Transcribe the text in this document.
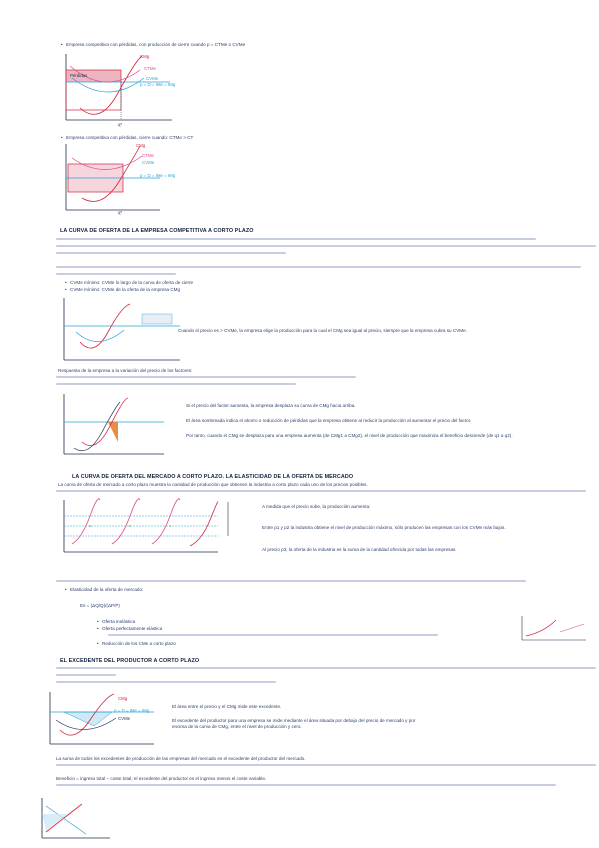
• Empresa competitiva con pérdidas, con producción de cierre cuando p = CTMe o CVMe
CMg
CTMe
CVMe
p = D = IMe = IMg
Pérdidas
q*
• Empresa competitiva con pérdidas, cierre cuando: CTMe > CT
CMg
CTMe
CVMe
p = D = IMe = IMg
q*
LA CURVA DE OFERTA DE LA EMPRESA COMPETITIVA A CORTO PLAZO
• CVMe mínimo: CVMe lo largo de la curva de oferta de cierre
• CVMe mínimo: CVMe de la oferta de la empresa CMg
Cuando el precio es > CVMe, la empresa elige la producción para la cual el CMg sea igual al precio, siempre que la empresa cubra su CVMe.
Respuesta de la empresa a la variación del precio de los factores:
Si el precio del factor aumenta, la empresa desplaza su curva de CMg hacia arriba.
El área sombreada indica el ahorro o reducción de pérdidas que la empresa obtiene al reducir la producción al aumentar el precio del factor.
Por tanto, cuando el CMg se desplaza para una empresa aumenta (de CMg1 a CMg2), el nivel de producción que maximiza el beneficio desciende (de q1 a q2).
LA CURVA DE OFERTA DEL MERCADO A CORTO PLAZO. LA ELASTICIDAD DE LA OFERTA DE MERCADO
La curva de oferta de mercado a corto plazo muestra la cantidad de producción que obtienen la industria a corto plazo cada uno de los precios posibles.
A medida que el precio sube, la producción aumenta:
Entre p1 y p2 la industria obtiene el nivel de producción máximo, sólo producen las empresas con los CVMe más bajos.
Al precio p3, la oferta de la industria es la suma de la cantidad ofrecida por todas las empresas.
• Elasticidad de la oferta de mercado:
Es = (ΔQ/Q)/(ΔP/P)
• Oferta inelástica
• Oferta perfectamente elástica
• Reducción de los CMe a corto plazo
EL EXCEDENTE DEL PRODUCTOR A CORTO PLAZO
CMg
p = D = IMe = IMg
CVMe
El área entre el precio y el CMg mide este excedente.
El excedente del productor para una empresa se mide mediante el área situada por debajo del precio de mercado y por encima de la curva de CMg, entre el nivel de producción y cero.
La suma de todos los excedentes de producción de las empresas del mercado es el excedente del productor del mercado.
Beneficio = ingreso total − coste total; el excedente del productor es el ingreso menos el coste variable.
